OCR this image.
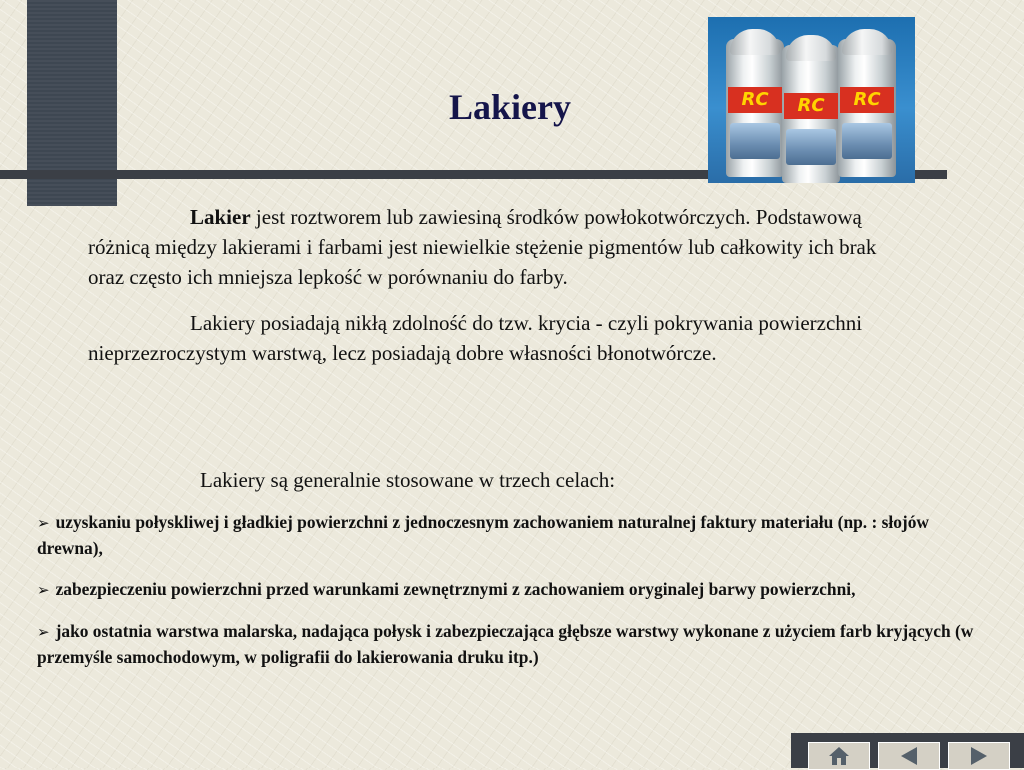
Lakiery	RC	RC	RC

Lakier jest roztworem lub zawiesiną środków powłokotwórczych. Podstawową różnicą między lakierami i farbami jest niewielkie stężenie pigmentów lub całkowity ich brak oraz często ich mniejsza lepkość w porównaniu do farby.

Lakiery posiadają nikłą zdolność do tzw. krycia - czyli pokrywania powierzchni nieprzezroczystym warstwą, lecz posiadają dobre własności błonotwórcze.

Lakiery są generalnie stosowane w trzech celach:

➢ uzyskaniu połyskliwej i gładkiej powierzchni z jednoczesnym zachowaniem naturalnej faktury materiału (np. : słojów drewna),

➢ zabezpieczeniu powierzchni przed warunkami zewnętrznymi z zachowaniem oryginalej barwy powierzchni,

➢ jako ostatnia warstwa malarska, nadająca połysk i zabezpieczająca głębsze warstwy wykonane z użyciem farb kryjących (w przemyśle samochodowym, w poligrafii do lakierowania druku itp.)
